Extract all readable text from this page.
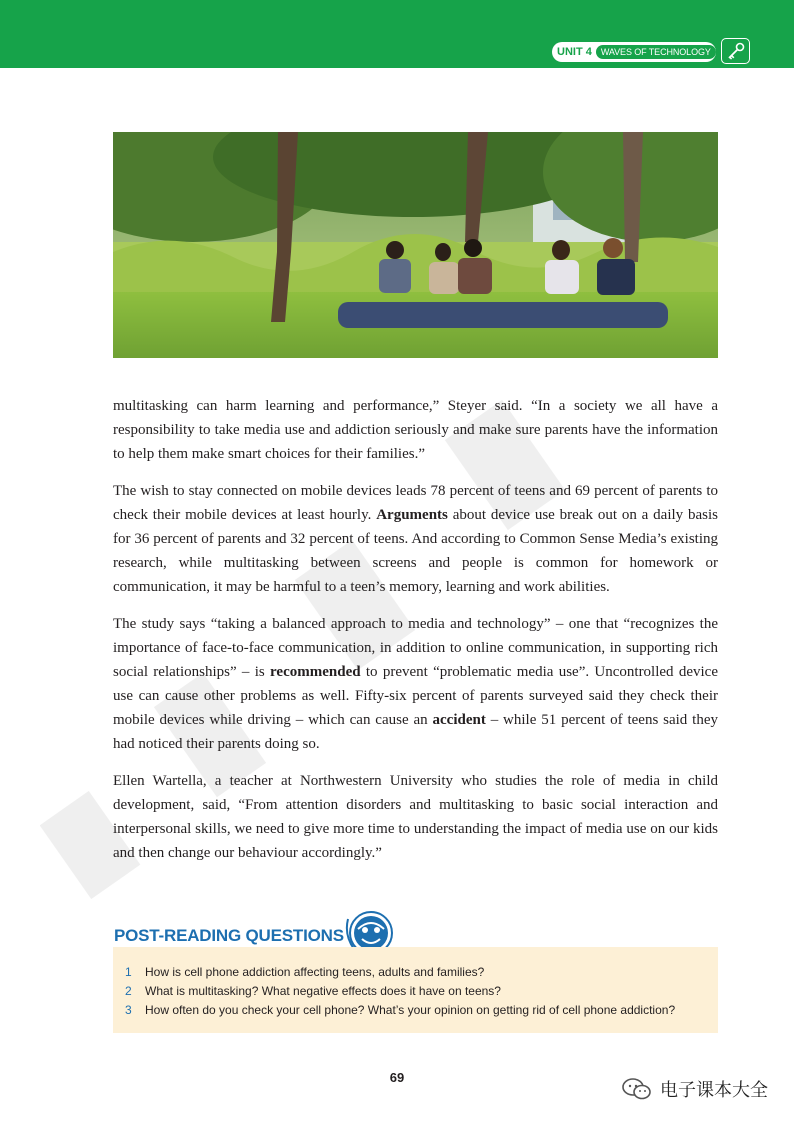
UNIT 4	WAVES OF TECHNOLOGY

multitasking can harm learning and performance,” Steyer said. “In a society we all have a responsibility to take media use and addiction seriously and make sure parents have the information to help them make smart choices for their families.”

The wish to stay connected on mobile devices leads 78 percent of teens and 69 percent of parents to check their mobile devices at least hourly. Arguments about device use break out on a daily basis for 36 percent of parents and 32 percent of teens. And according to Common Sense Media’s existing research, while multitasking between screens and people is common for homework or communication, it may be harmful to a teen’s memory, learning and work abilities.

The study says “taking a balanced approach to media and technology” – one that “recognizes the importance of face-to-face communication, in addition to online communication, in supporting rich social relationships” – is recommended to prevent “problematic media use”. Uncontrolled device use can cause other problems as well. Fifty-six percent of parents surveyed said they check their mobile devices while driving – which can cause an accident – while 51 percent of teens said they had noticed their parents doing so.

Ellen Wartella, a teacher at Northwestern University who studies the role of media in child development, said, “From attention disorders and multitasking to basic social interaction and interpersonal skills, we need to give more time to understanding the impact of media use on our kids and then change our behaviour accordingly.”

POST-READING QUESTIONS
1	How is cell phone addiction affecting teens, adults and families?
2	What is multitasking? What negative effects does it have on teens?
3	How often do you check your cell phone? What’s your opinion on getting rid of cell phone addiction?
69
电子课本大全
